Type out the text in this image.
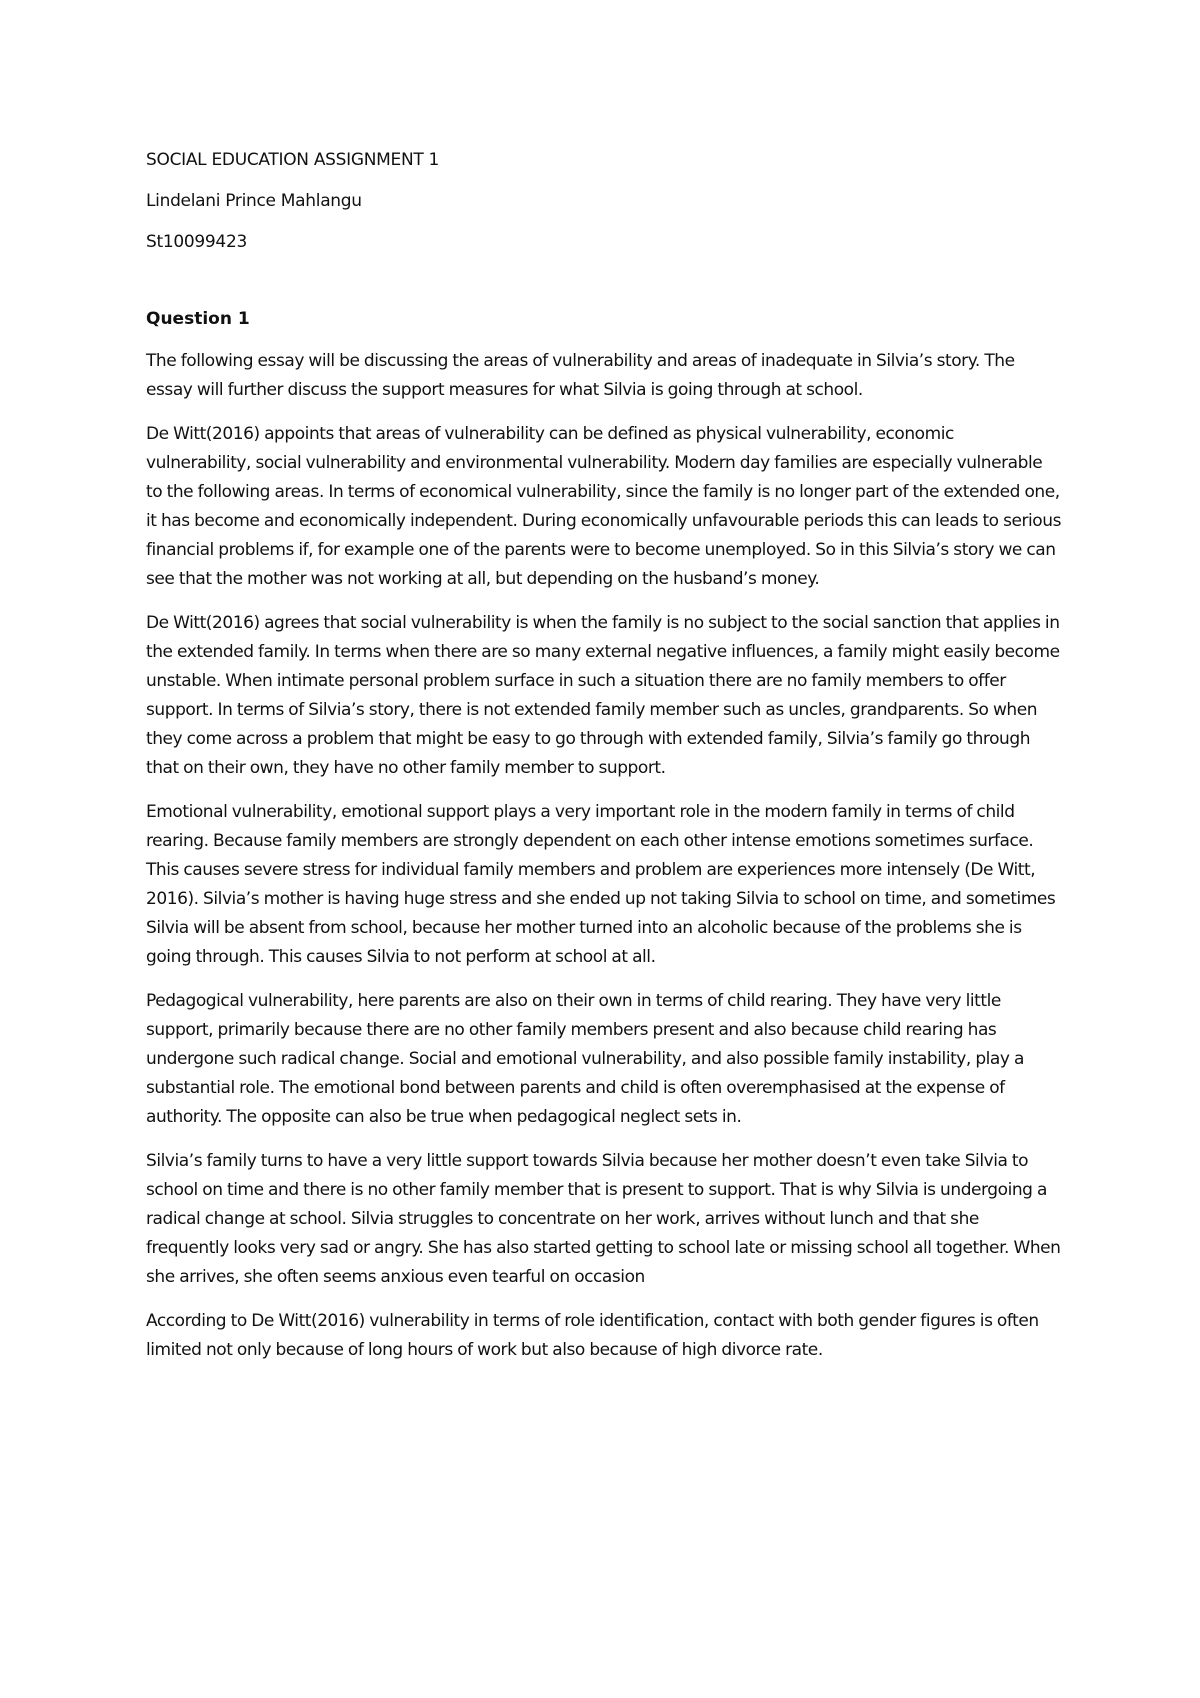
SOCIAL EDUCATION ASSIGNMENT 1
Lindelani Prince Mahlangu
St10099423
Question 1

The following essay will be discussing the areas of vulnerability and areas of inadequate in Silvia’s story. The essay will further discuss the support measures for what Silvia is going through at school.

De Witt(2016) appoints that areas of vulnerability can be defined as physical vulnerability, economic vulnerability, social vulnerability and environmental vulnerability. Modern day families are especially vulnerable to the following areas. In terms of economical vulnerability, since the family is no longer part of the extended one, it has become and economically independent. During economically unfavourable periods this can leads to serious financial problems if, for example one of the parents were to become unemployed. So in this Silvia’s story we can see that the mother was not working at all, but depending on the husband’s money.

De Witt(2016) agrees that social vulnerability is when the family is no subject to the social sanction that applies in the extended family. In terms when there are so many external negative influences, a family might easily become unstable. When intimate personal problem surface in such a situation there are no family members to offer support. In terms of Silvia’s story, there is not extended family member such as uncles, grandparents. So when they come across a problem that might be easy to go through with extended family, Silvia’s family go through that on their own, they have no other family member to support.

Emotional vulnerability, emotional support plays a very important role in the modern family in terms of child rearing. Because family members are strongly dependent on each other intense emotions sometimes surface. This causes severe stress for individual family members and problem are experiences more intensely (De Witt, 2016). Silvia’s mother is having huge stress and she ended up not taking Silvia to school on time, and sometimes Silvia will be absent from school, because her mother turned into an alcoholic because of the problems she is going through. This causes Silvia to not perform at school at all.

Pedagogical vulnerability, here parents are also on their own in terms of child rearing. They have very little support, primarily because there are no other family members present and also because child rearing has undergone such radical change. Social and emotional vulnerability, and also possible family instability, play a substantial role. The emotional bond between parents and child is often overemphasised at the expense of authority. The opposite can also be true when pedagogical neglect sets in.

Silvia’s family turns to have a very little support towards Silvia because her mother doesn’t even take Silvia to school on time and there is no other family member that is present to support. That is why Silvia is undergoing a radical change at school. Silvia struggles to concentrate on her work, arrives without lunch and that she frequently looks very sad or angry. She has also started getting to school late or missing school all together. When she arrives, she often seems anxious even tearful on occasion

According to De Witt(2016) vulnerability in terms of role identification, contact with both gender figures is often limited not only because of long hours of work but also because of high divorce rate.
